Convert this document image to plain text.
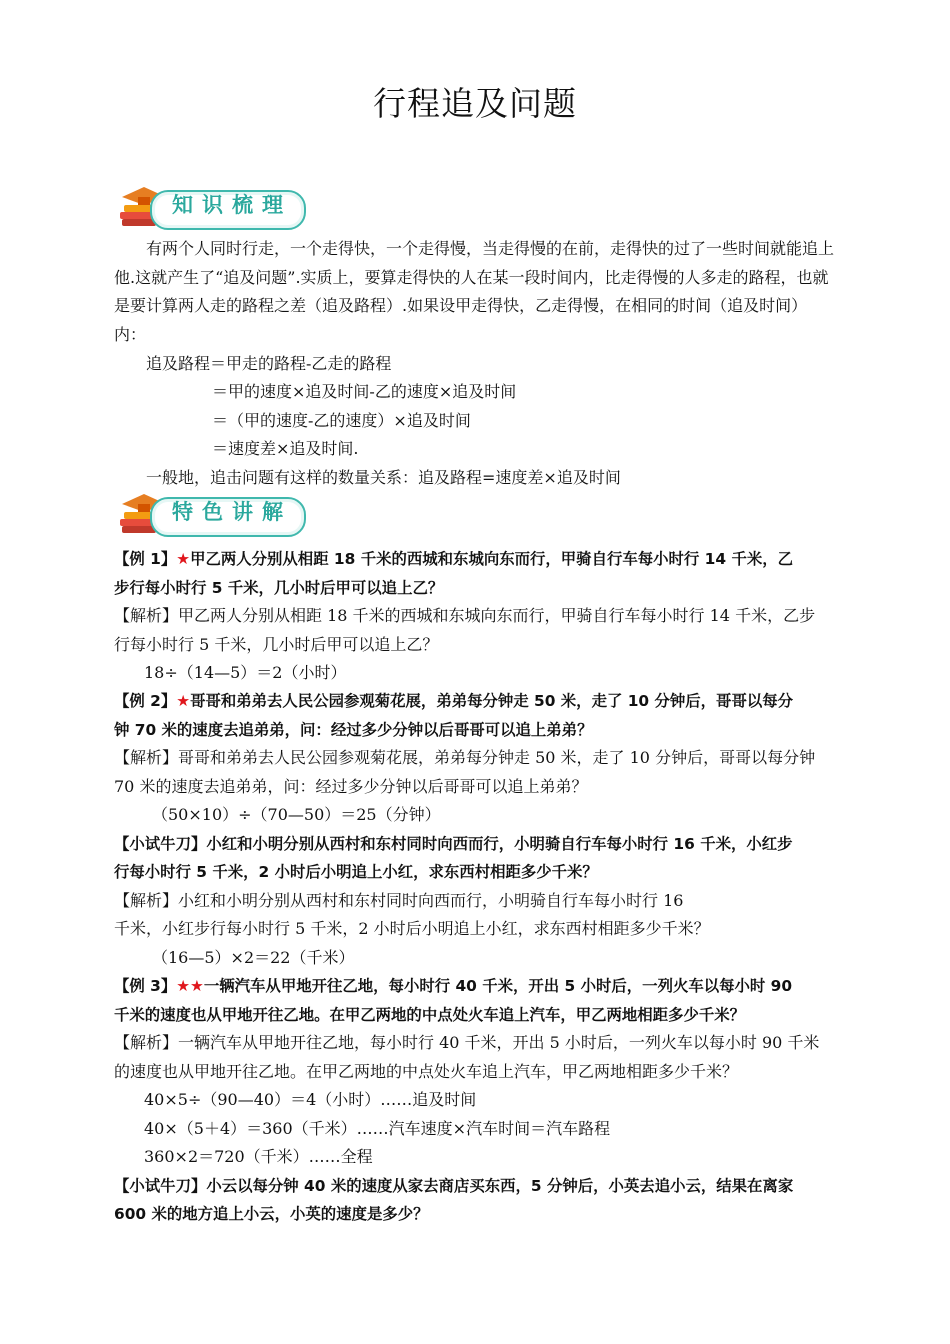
行程追及问题
知识梳理
有两个人同时行走，一个走得快，一个走得慢，当走得慢的在前，走得快的过了一些时间就能追上他.这就产生了“追及问题”.实质上，要算走得快的人在某一段时间内，比走得慢的人多走的路程，也就是要计算两人走的路程之差（追及路程）.如果设甲走得快，乙走得慢，在相同的时间（追及时间）内：
追及路程＝甲走的路程-乙走的路程
＝甲的速度×追及时间-乙的速度×追及时间
＝（甲的速度-乙的速度）×追及时间
＝速度差×追及时间.
一般地，追击问题有这样的数量关系：追及路程=速度差×追及时间
特色讲解
【例 1】★甲乙两人分别从相距 18 千米的西城和东城向东而行，甲骑自行车每小时行 14 千米，乙
步行每小时行 5 千米，几小时后甲可以追上乙？
【解析】甲乙两人分别从相距 18 千米的西城和东城向东而行，甲骑自行车每小时行 14 千米，乙步
行每小时行 5 千米，几小时后甲可以追上乙？
18÷（14—5）＝2（小时）
【例 2】★哥哥和弟弟去人民公园参观菊花展，弟弟每分钟走 50 米，走了 10 分钟后，哥哥以每分
钟 70 米的速度去追弟弟，问：经过多少分钟以后哥哥可以追上弟弟？
【解析】哥哥和弟弟去人民公园参观菊花展，弟弟每分钟走 50 米，走了 10 分钟后，哥哥以每分钟
70 米的速度去追弟弟，问：经过多少分钟以后哥哥可以追上弟弟？
（50×10）÷（70—50）＝25（分钟）
【小试牛刀】小红和小明分别从西村和东村同时向西而行，小明骑自行车每小时行 16 千米，小红步
行每小时行 5 千米，2 小时后小明追上小红，求东西村相距多少千米？
【解析】小红和小明分别从西村和东村同时向西而行，小明骑自行车每小时行 16
千米，小红步行每小时行 5 千米，2 小时后小明追上小红，求东西村相距多少千米？
（16—5）×2＝22（千米）
【例 3】★★一辆汽车从甲地开往乙地，每小时行 40 千米，开出 5 小时后，一列火车以每小时 90
千米的速度也从甲地开往乙地。在甲乙两地的中点处火车追上汽车，甲乙两地相距多少千米？
【解析】一辆汽车从甲地开往乙地，每小时行 40 千米，开出 5 小时后，一列火车以每小时 90 千米
的速度也从甲地开往乙地。在甲乙两地的中点处火车追上汽车，甲乙两地相距多少千米？
40×5÷（90—40）＝4（小时）……追及时间
40×（5＋4）＝360（千米）……汽车速度×汽车时间＝汽车路程
360×2＝720（千米）……全程
【小试牛刀】小云以每分钟 40 米的速度从家去商店买东西，5 分钟后，小英去追小云，结果在离家
600 米的地方追上小云，小英的速度是多少？
